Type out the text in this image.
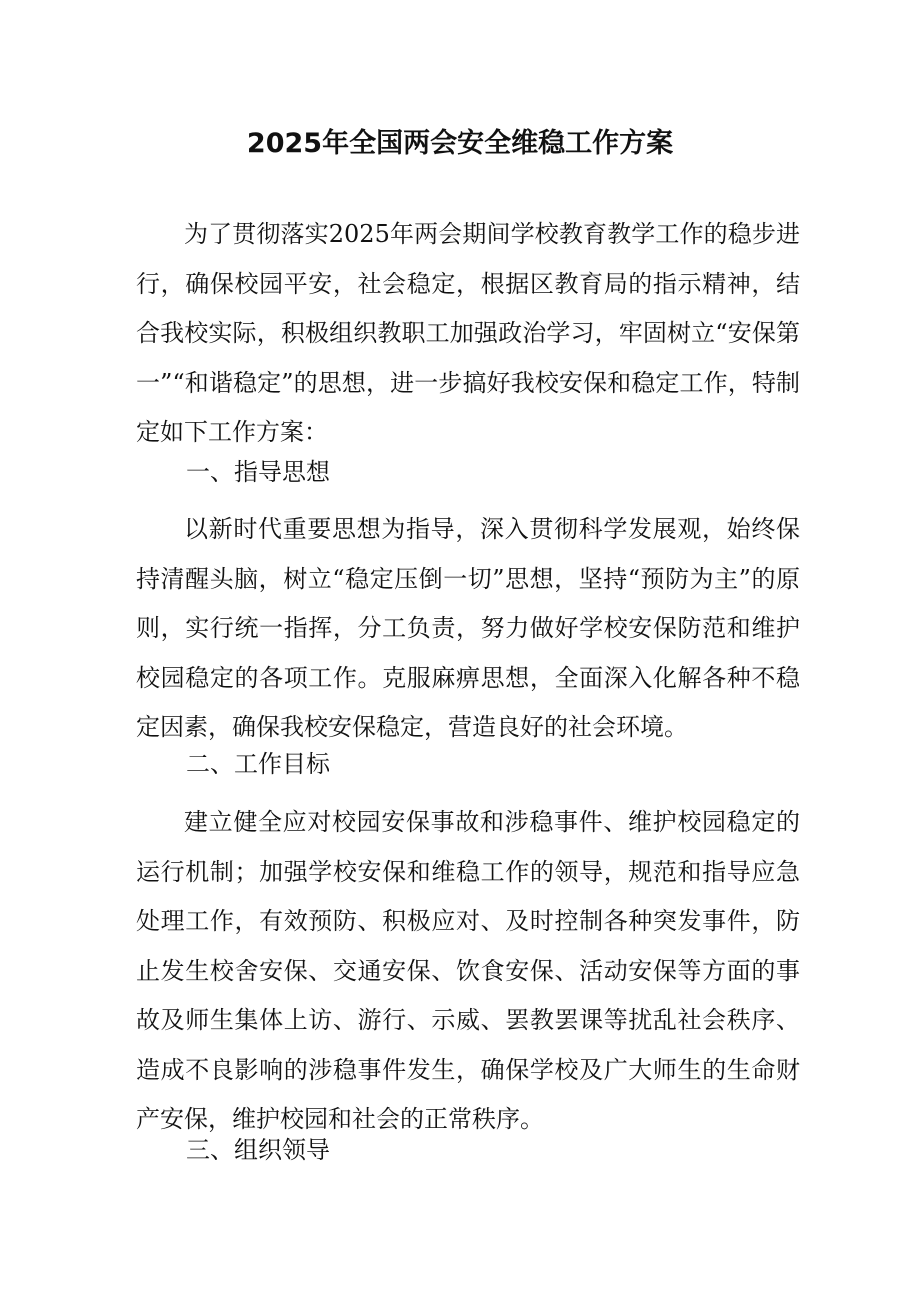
2025年全国两会安全维稳工作方案

为了贯彻落实2025年两会期间学校教育教学工作的稳步进行，确保校园平安，社会稳定，根据区教育局的指示精神，结合我校实际，积极组织教职工加强政治学习，牢固树立“安保第一”“和谐稳定”的思想，进一步搞好我校安保和稳定工作，特制定如下工作方案：

一、指导思想

以新时代重要思想为指导，深入贯彻科学发展观，始终保持清醒头脑，树立“稳定压倒一切”思想，坚持“预防为主”的原则，实行统一指挥，分工负责，努力做好学校安保防范和维护校园稳定的各项工作。克服麻痹思想，全面深入化解各种不稳定因素，确保我校安保稳定，营造良好的社会环境。

二、工作目标

建立健全应对校园安保事故和涉稳事件、维护校园稳定的运行机制；加强学校安保和维稳工作的领导，规范和指导应急处理工作，有效预防、积极应对、及时控制各种突发事件，防止发生校舍安保、交通安保、饮食安保、活动安保等方面的事故及师生集体上访、游行、示威、罢教罢课等扰乱社会秩序、造成不良影响的涉稳事件发生，确保学校及广大师生的生命财产安保，维护校园和社会的正常秩序。

三、组织领导
